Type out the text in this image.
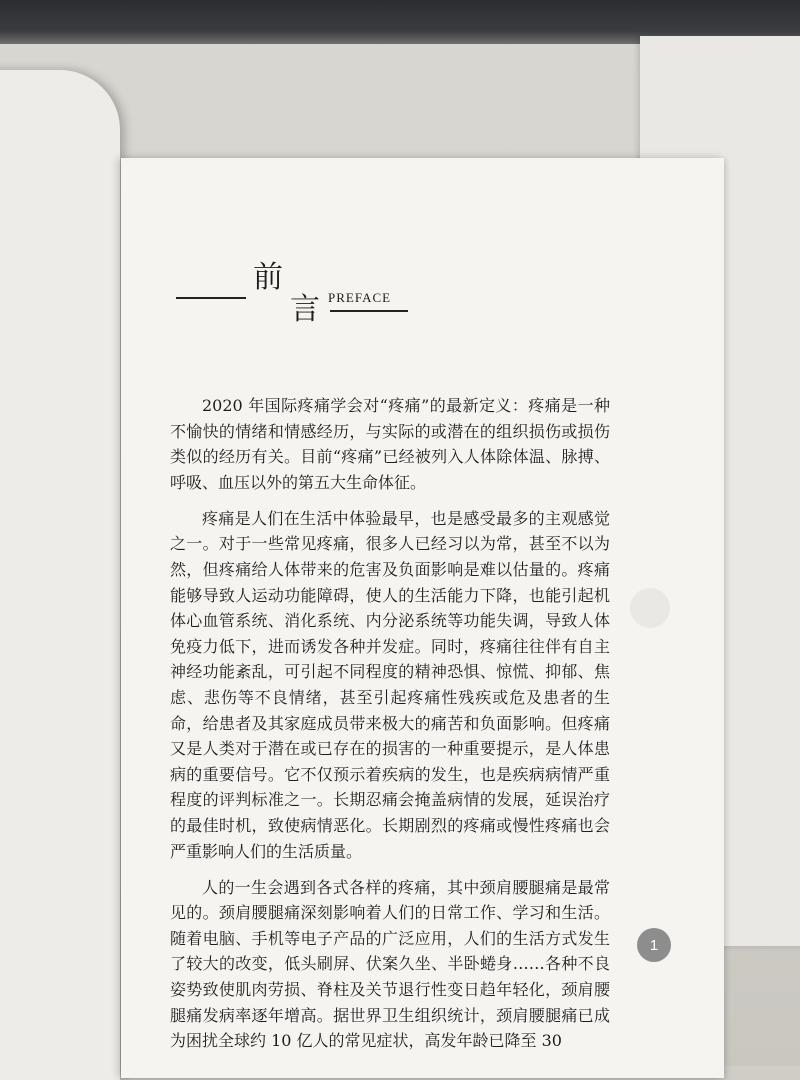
前
言 PREFACE

2020 年国际疼痛学会对“疼痛”的最新定义：疼痛是一种不愉快的情绪和情感经历，与实际的或潜在的组织损伤或损伤类似的经历有关。目前“疼痛”已经被列入人体除体温、脉搏、呼吸、血压以外的第五大生命体征。

疼痛是人们在生活中体验最早，也是感受最多的主观感觉之一。对于一些常见疼痛，很多人已经习以为常，甚至不以为然，但疼痛给人体带来的危害及负面影响是难以估量的。疼痛能够导致人运动功能障碍，使人的生活能力下降，也能引起机体心血管系统、消化系统、内分泌系统等功能失调，导致人体免疫力低下，进而诱发各种并发症。同时，疼痛往往伴有自主神经功能紊乱，可引起不同程度的精神恐惧、惊慌、抑郁、焦虑、悲伤等不良情绪，甚至引起疼痛性残疾或危及患者的生命，给患者及其家庭成员带来极大的痛苦和负面影响。但疼痛又是人类对于潜在或已存在的损害的一种重要提示，是人体患病的重要信号。它不仅预示着疾病的发生，也是疾病病情严重程度的评判标准之一。长期忍痛会掩盖病情的发展，延误治疗的最佳时机，致使病情恶化。长期剧烈的疼痛或慢性疼痛也会严重影响人们的生活质量。

人的一生会遇到各式各样的疼痛，其中颈肩腰腿痛是最常见的。颈肩腰腿痛深刻影响着人们的日常工作、学习和生活。随着电脑、手机等电子产品的广泛应用，人们的生活方式发生了较大的改变，低头刷屏、伏案久坐、半卧蜷身……各种不良姿势致使肌肉劳损、脊柱及关节退行性变日趋年轻化，颈肩腰腿痛发病率逐年增高。据世界卫生组织统计，颈肩腰腿痛已成为困扰全球约 10 亿人的常见症状，高发年龄已降至 30

1
